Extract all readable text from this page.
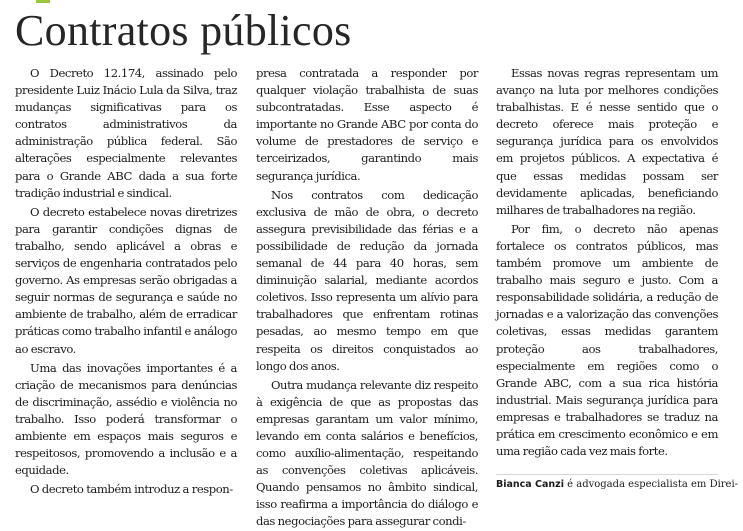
Contratos públicos

O Decreto 12.174, assinado pelo presidente Luiz Inácio Lula da Silva, traz mudanças significativas para os contratos administrativos da administração pública federal. São alterações especialmente relevantes para o Grande ABC dada a sua forte tradição industrial e sindical.

O decreto estabelece novas diretrizes para garantir condições dignas de trabalho, sendo aplicável a obras e serviços de engenharia contratados pelo governo. As empresas serão obrigadas a seguir normas de segurança e saúde no ambiente de trabalho, além de erradicar práticas como trabalho infantil e análogo ao escravo.

Uma das inovações importantes é a criação de mecanismos para denúncias de discriminação, assédio e violência no trabalho. Isso poderá transformar o ambiente em espaços mais seguros e respeitosos, promovendo a inclusão e a equidade.

O decreto também introduz a respon-

presa contratada a responder por qualquer violação trabalhista de suas subcontratadas. Esse aspecto é importante no Grande ABC por conta do volume de prestadores de serviço e terceirizados, garantindo mais segurança jurídica.

Nos contratos com dedicação exclusiva de mão de obra, o decreto assegura previsibilidade das férias e a possibilidade de redução da jornada semanal de 44 para 40 horas, sem diminuição salarial, mediante acordos coletivos. Isso representa um alívio para trabalhadores que enfrentam rotinas pesadas, ao mesmo tempo em que respeita os direitos conquistados ao longo dos anos.

Outra mudança relevante diz respeito à exigência de que as propostas das empresas garantam um valor mínimo, levando em conta salários e benefícios, como auxílio-alimentação, respeitando as convenções coletivas aplicáveis. Quando pensamos no âmbito sindical, isso reafirma a importância do diálogo e das negociações para assegurar condi-

Essas novas regras representam um avanço na luta por melhores condições trabalhistas. E é nesse sentido que o decreto oferece mais proteção e segurança jurídica para os envolvidos em projetos públicos. A expectativa é que essas medidas possam ser devidamente aplicadas, beneficiando milhares de trabalhadores na região.

Por fim, o decreto não apenas fortalece os contratos públicos, mas também promove um ambiente de trabalho mais seguro e justo. Com a responsabilidade solidária, a redução de jornadas e a valorização das convenções coletivas, essas medidas garantem proteção aos trabalhadores, especialmente em regiões como o Grande ABC, com a sua rica história industrial. Mais segurança jurídica para empresas e trabalhadores se traduz na prática em crescimento econômico e em uma região cada vez mais forte.

Bianca Canzi é advogada especialista em Direi-
